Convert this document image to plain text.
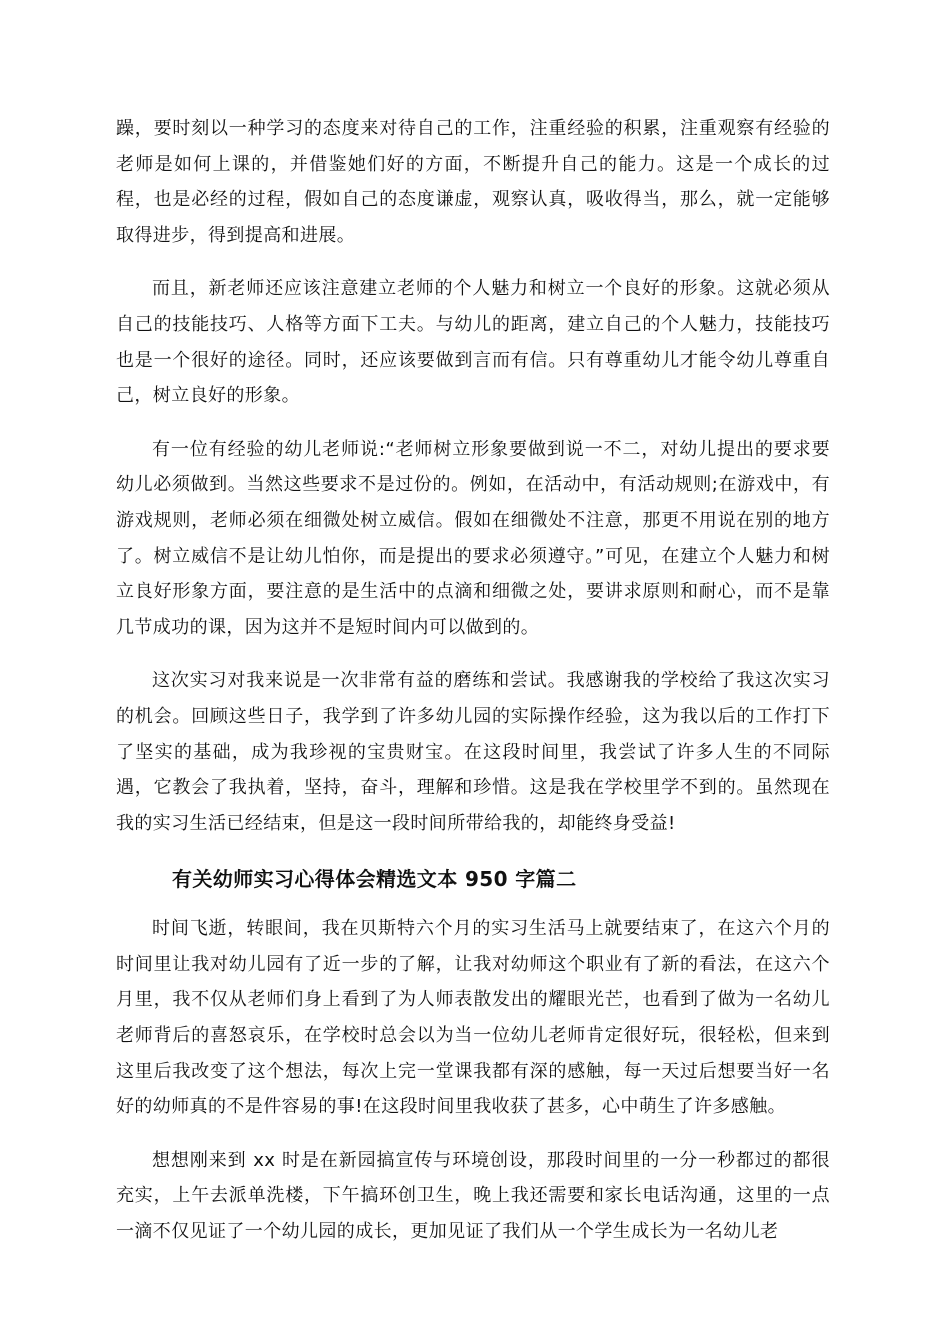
躁，要时刻以一种学习的态度来对待自己的工作，注重经验的积累，注重观察有经验的老师是如何上课的，并借鉴她们好的方面，不断提升自己的能力。这是一个成长的过程，也是必经的过程，假如自己的态度谦虚，观察认真，吸收得当，那么，就一定能够取得进步，得到提高和进展。

而且，新老师还应该注意建立老师的个人魅力和树立一个良好的形象。这就必须从自己的技能技巧、人格等方面下工夫。与幼儿的距离，建立自己的个人魅力，技能技巧也是一个很好的途径。同时，还应该要做到言而有信。只有尊重幼儿才能令幼儿尊重自己，树立良好的形象。

有一位有经验的幼儿老师说:“老师树立形象要做到说一不二，对幼儿提出的要求要幼儿必须做到。当然这些要求不是过份的。例如，在活动中，有活动规则;在游戏中，有游戏规则，老师必须在细微处树立威信。假如在细微处不注意，那更不用说在别的地方了。树立威信不是让幼儿怕你，而是提出的要求必须遵守。”可见，在建立个人魅力和树立良好形象方面，要注意的是生活中的点滴和细微之处，要讲求原则和耐心，而不是靠几节成功的课，因为这并不是短时间内可以做到的。

这次实习对我来说是一次非常有益的磨练和尝试。我感谢我的学校给了我这次实习的机会。回顾这些日子，我学到了许多幼儿园的实际操作经验，这为我以后的工作打下了坚实的基础，成为我珍视的宝贵财宝。在这段时间里，我尝试了许多人生的不同际遇，它教会了我执着，坚持，奋斗，理解和珍惜。这是我在学校里学不到的。虽然现在我的实习生活已经结束，但是这一段时间所带给我的，却能终身受益!

有关幼师实习心得体会精选文本 950 字篇二

时间飞逝，转眼间，我在贝斯特六个月的实习生活马上就要结束了，在这六个月的时间里让我对幼儿园有了近一步的了解，让我对幼师这个职业有了新的看法，在这六个月里，我不仅从老师们身上看到了为人师表散发出的耀眼光芒，也看到了做为一名幼儿老师背后的喜怒哀乐，在学校时总会以为当一位幼儿老师肯定很好玩，很轻松，但来到这里后我改变了这个想法，每次上完一堂课我都有深的感触，每一天过后想要当好一名好的幼师真的不是件容易的事!在这段时间里我收获了甚多，心中萌生了许多感触。

想想刚来到 xx 时是在新园搞宣传与环境创设，那段时间里的一分一秒都过的都很充实，上午去派单洗楼，下午搞环创卫生，晚上我还需要和家长电话沟通，这里的一点一滴不仅见证了一个幼儿园的成长，更加见证了我们从一个学生成长为一名幼儿老
